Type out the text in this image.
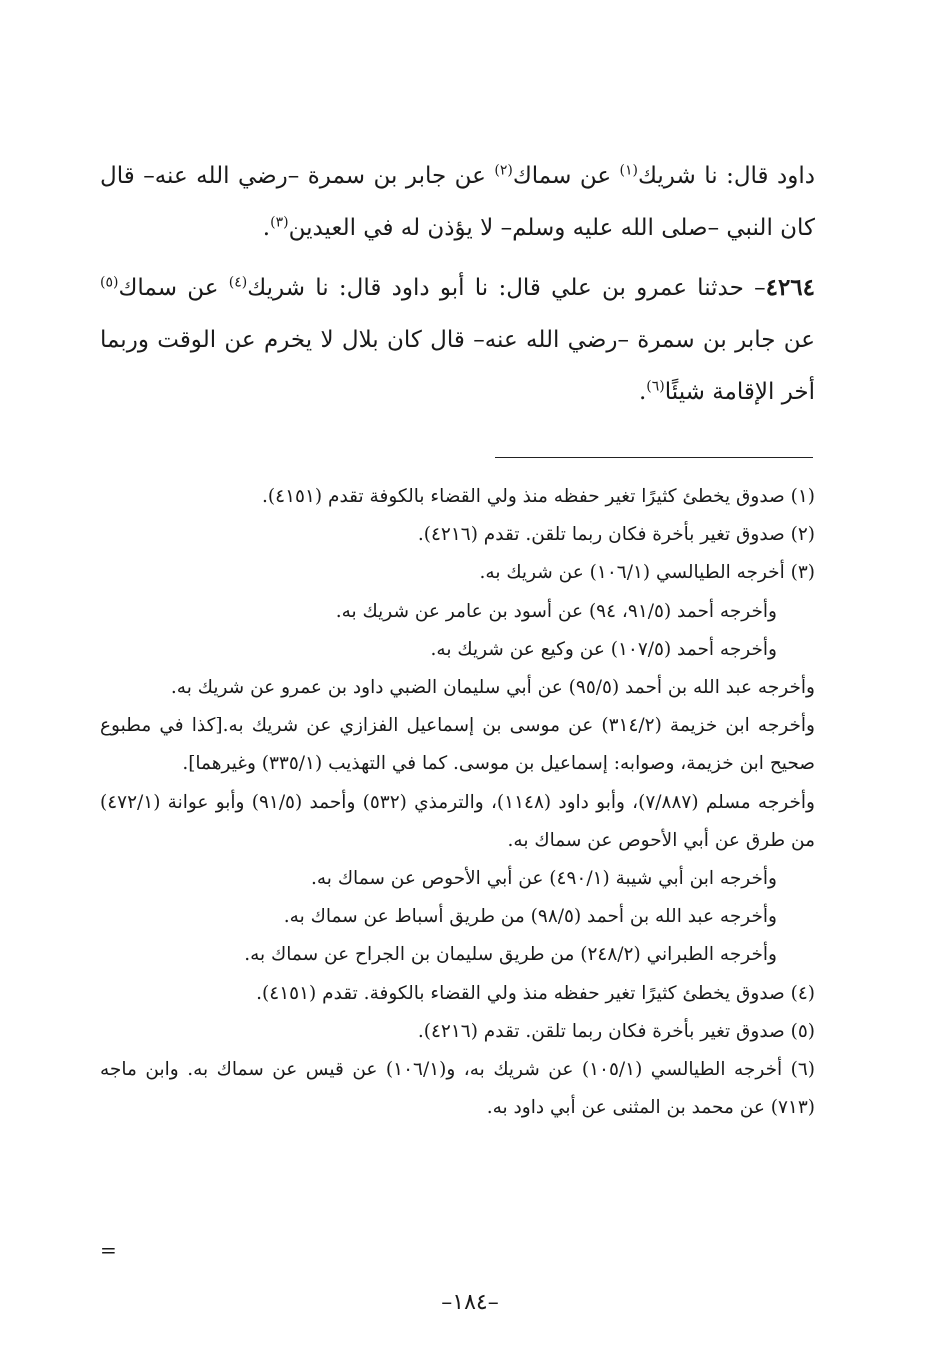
داود قال: نا شريك$^{(١)}$ عن سماك$^{(٢)}$ عن جابر بن سمرة –رضي الله عنه– قال كان النبي –صلى الله عليه وسلم– لا يؤذن له في العيدين$^{(٣)}$.

٤٢٦٤– حدثنا عمرو بن علي قال: نا أبو داود قال: نا شريك$^{(٤)}$ عن سماك$^{(٥)}$ عن جابر بن سمرة –رضي الله عنه– قال كان بلال لا يخرم عن الوقت وربما أخر الإقامة شيئًا$^{(٦)}$.

(١) صدوق يخطئ كثيرًا تغير حفظه منذ ولي القضاء بالكوفة تقدم (٤١٥١).

(٢) صدوق تغير بأخرة فكان ربما تلقن. تقدم (٤٢١٦).

(٣) أخرجه الطيالسي (١٠٦/١) عن شريك به.

وأخرجه أحمد (٩١/٥، ٩٤) عن أسود بن عامر عن شريك به.

وأخرجه أحمد (١٠٧/٥) عن وكيع عن شريك به.

وأخرجه عبد الله بن أحمد (٩٥/٥) عن أبي سليمان الضبي داود بن عمرو عن شريك به.

وأخرجه ابن خزيمة (٣١٤/٢) عن موسى بن إسماعيل الفزازي عن شريك به.[كذا في مطبوع صحيح ابن خزيمة، وصوابه: إسماعيل بن موسى. كما في التهذيب (٣٣٥/١) وغيرهما].

وأخرجه مسلم (٧/٨٨٧)، وأبو داود (١١٤٨)، والترمذي (٥٣٢) وأحمد (٩١/٥) وأبو عوانة (٤٧٢/١) من طرق عن أبي الأحوص عن سماك به.

وأخرجه ابن أبي شيبة (٤٩٠/١) عن أبي الأحوص عن سماك به.

وأخرجه عبد الله بن أحمد (٩٨/٥) من طريق أسباط عن سماك به.

وأخرجه الطبراني (٢٤٨/٢) من طريق سليمان بن الجراح عن سماك به.

(٤) صدوق يخطئ كثيرًا تغير حفظه منذ ولي القضاء بالكوفة. تقدم (٤١٥١).

(٥) صدوق تغير بأخرة فكان ربما تلقن. تقدم (٤٢١٦).

(٦) أخرجه الطيالسي (١٠٥/١) عن شريك به، و(١٠٦/١) عن قيس عن سماك به. وابن ماجه (٧١٣) عن محمد بن المثنى عن أبي داود به.

=
–١٨٤–
